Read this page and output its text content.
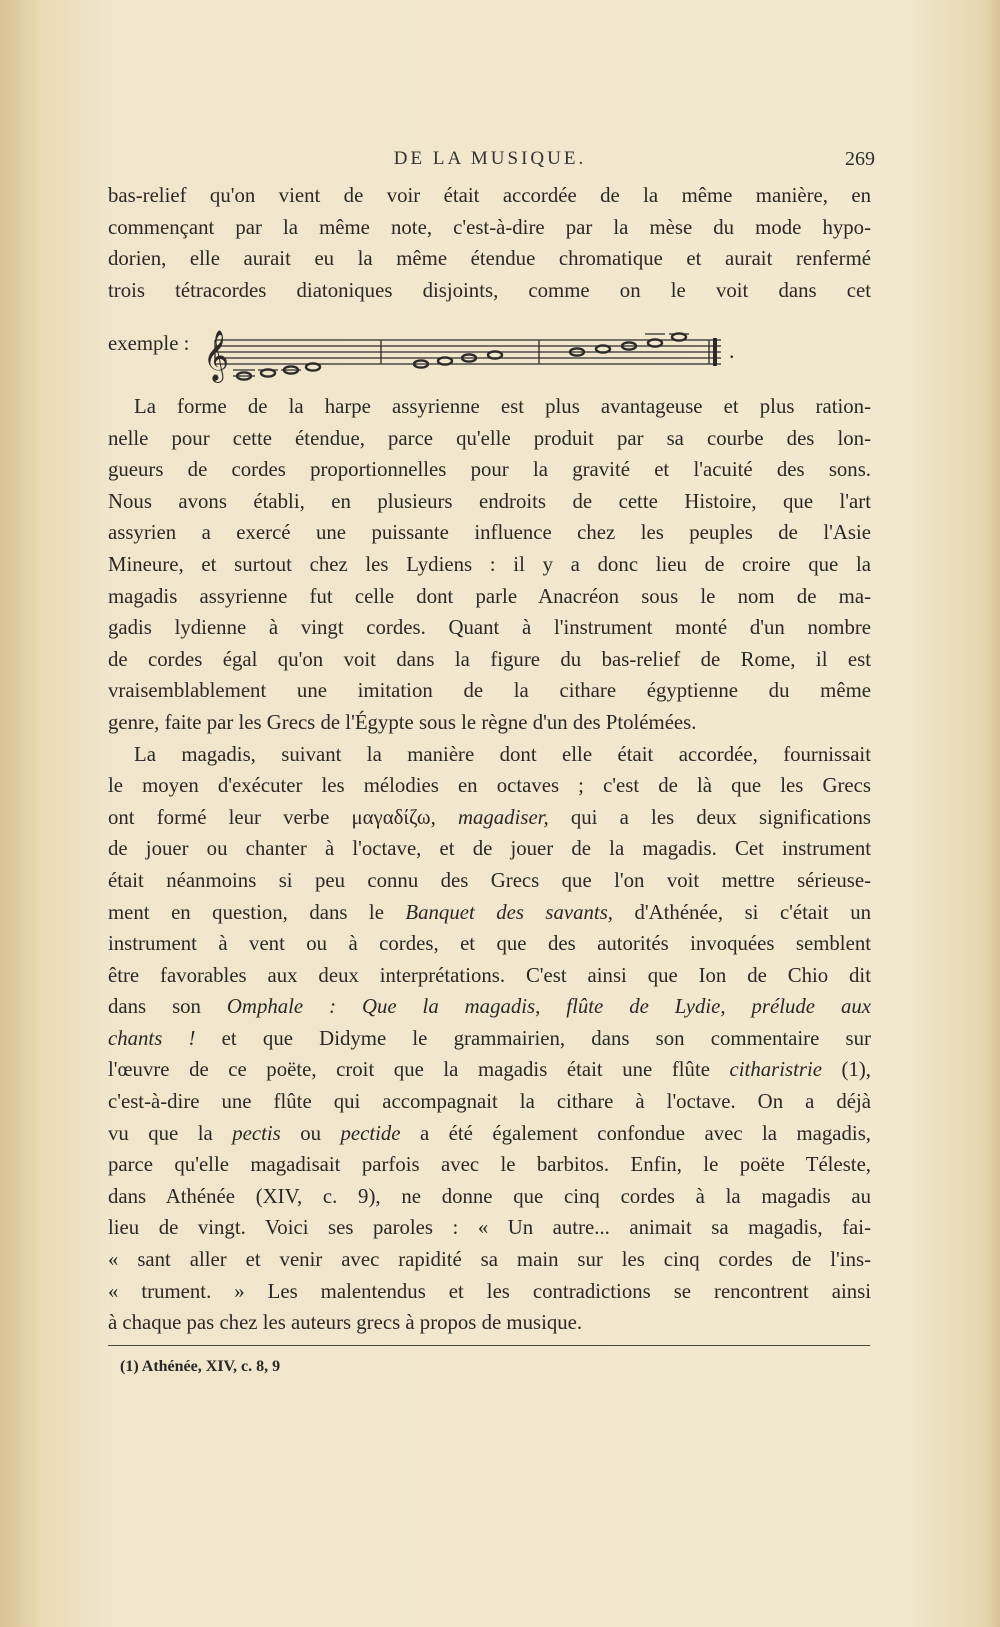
DE LA MUSIQUE.	269
bas-relief qu'on vient de voir était accordée de la même manière, en
commençant par la même note, c'est-à-dire par la mèse du mode hypo-
dorien, elle aurait eu la même étendue chromatique et aurait renfermé
trois tétracordes diatoniques disjoints, comme on le voit dans cet
exemple : 𝄞	.
La forme de la harpe assyrienne est plus avantageuse et plus ration-
nelle pour cette étendue, parce qu'elle produit par sa courbe des lon-
gueurs de cordes proportionnelles pour la gravité et l'acuité des sons.
Nous avons établi, en plusieurs endroits de cette Histoire, que l'art
assyrien a exercé une puissante influence chez les peuples de l'Asie
Mineure, et surtout chez les Lydiens : il y a donc lieu de croire que la
magadis assyrienne fut celle dont parle Anacréon sous le nom de ma-
gadis lydienne à vingt cordes. Quant à l'instrument monté d'un nombre
de cordes égal qu'on voit dans la figure du bas-relief de Rome, il est
vraisemblablement une imitation de la cithare égyptienne du même
genre, faite par les Grecs de l'Égypte sous le règne d'un des Ptolémées.
La magadis, suivant la manière dont elle était accordée, fournissait
le moyen d'exécuter les mélodies en octaves ; c'est de là que les Grecs
ont formé leur verbe μαγαδίζω, magadiser, qui a les deux significations
de jouer ou chanter à l'octave, et de jouer de la magadis. Cet instrument
était néanmoins si peu connu des Grecs que l'on voit mettre sérieuse-
ment en question, dans le Banquet des savants, d'Athénée, si c'était un
instrument à vent ou à cordes, et que des autorités invoquées semblent
être favorables aux deux interprétations. C'est ainsi que Ion de Chio dit
dans son Omphale : Que la magadis, flûte de Lydie, prélude aux
chants ! et que Didyme le grammairien, dans son commentaire sur
l'œuvre de ce poëte, croit que la magadis était une flûte citharistrie (1),
c'est-à-dire une flûte qui accompagnait la cithare à l'octave. On a déjà
vu que la pectis ou pectide a été également confondue avec la magadis,
parce qu'elle magadisait parfois avec le barbitos. Enfin, le poëte Téleste,
dans Athénée (XIV, c. 9), ne donne que cinq cordes à la magadis au
lieu de vingt. Voici ses paroles : « Un autre... animait sa magadis, fai-
« sant aller et venir avec rapidité sa main sur les cinq cordes de l'ins-
« trument. » Les malentendus et les contradictions se rencontrent ainsi
à chaque pas chez les auteurs grecs à propos de musique.
(1) Athénée, XIV, c. 8, 9
